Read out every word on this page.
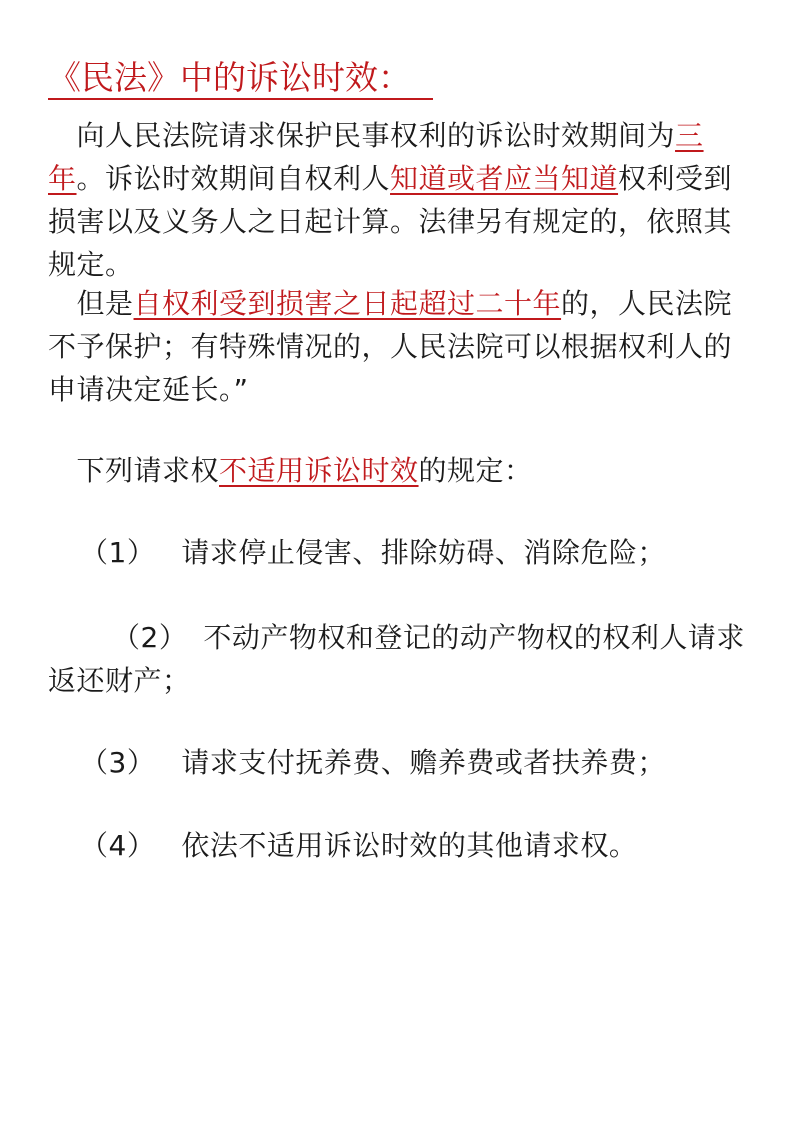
《民法》中的诉讼时效：

　向人民法院请求保护民事权利的诉讼时效期间为三年。诉讼时效期间自权利人知道或者应当知道权利受到损害以及义务人之日起计算。法律另有规定的，依照其规定。

　但是自权利受到损害之日起超过二十年的，人民法院不予保护；有特殊情况的，人民法院可以根据权利人的申请决定延长。”

　下列请求权不适用诉讼时效的规定：

（1） 请求停止侵害、排除妨碍、消除危险；

（2） 不动产物权和登记的动产物权的权利人请求返还财产；

（3） 请求支付抚养费、赡养费或者扶养费；

（4） 依法不适用诉讼时效的其他请求权。
